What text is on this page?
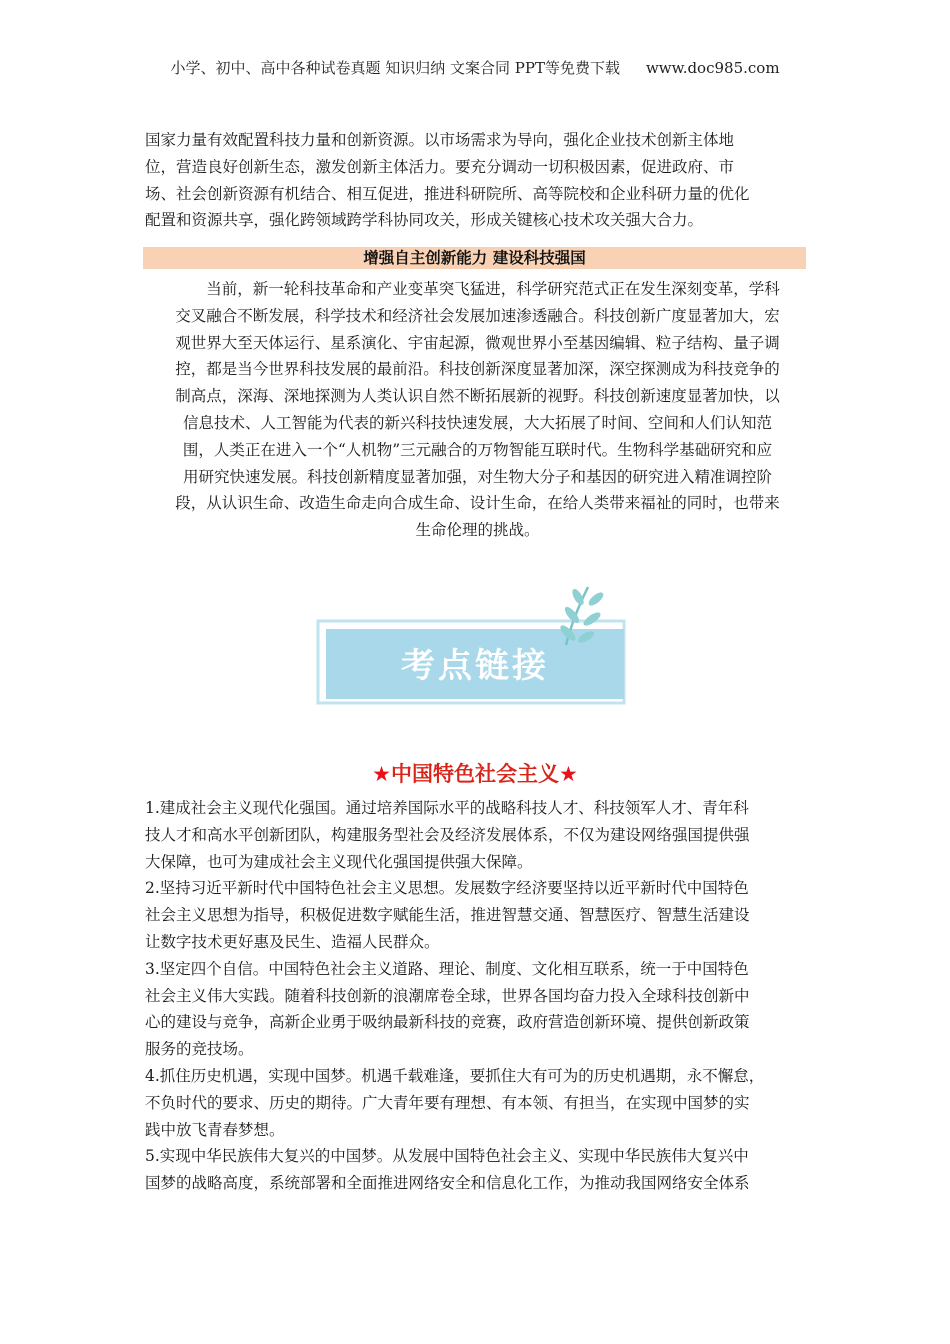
小学、初中、高中各种试卷真题 知识归纳 文案合同 PPT等免费下载 www.doc985.com

国家力量有效配置科技力量和创新资源。以市场需求为导向，强化企业技术创新主体地

位，营造良好创新生态，激发创新主体活力。要充分调动一切积极因素，促进政府、市

场、社会创新资源有机结合、相互促进，推进科研院所、高等院校和企业科研力量的优化

配置和资源共享，强化跨领域跨学科协同攻关，形成关键核心技术攻关强大合力。

增强自主创新能力 建设科技强国

当前，新一轮科技革命和产业变革突飞猛进，科学研究范式正在发生深刻变革，学科

交叉融合不断发展，科学技术和经济社会发展加速渗透融合。科技创新广度显著加大，宏

观世界大至天体运行、星系演化、宇宙起源，微观世界小至基因编辑、粒子结构、量子调

控，都是当今世界科技发展的最前沿。科技创新深度显著加深，深空探测成为科技竞争的

制高点，深海、深地探测为人类认识自然不断拓展新的视野。科技创新速度显著加快，以

信息技术、人工智能为代表的新兴科技快速发展，大大拓展了时间、空间和人们认知范

围，人类正在进入一个“人机物”三元融合的万物智能互联时代。生物科学基础研究和应

用研究快速发展。科技创新精度显著加强，对生物大分子和基因的研究进入精准调控阶

段，从认识生命、改造生命走向合成生命、设计生命，在给人类带来福祉的同时，也带来

生命伦理的挑战。

考点链接
★中国特色社会主义★

1.建成社会主义现代化强国。通过培养国际水平的战略科技人才、科技领军人才、青年科

技人才和高水平创新团队，构建服务型社会及经济发展体系，不仅为建设网络强国提供强

大保障，也可为建成社会主义现代化强国提供强大保障。

2.坚持习近平新时代中国特色社会主义思想。发展数字经济要坚持以近平新时代中国特色

社会主义思想为指导，积极促进数字赋能生活，推进智慧交通、智慧医疗、智慧生活建设

让数字技术更好惠及民生、造福人民群众。

3.坚定四个自信。中国特色社会主义道路、理论、制度、文化相互联系，统一于中国特色

社会主义伟大实践。随着科技创新的浪潮席卷全球，世界各国均奋力投入全球科技创新中

心的建设与竞争，高新企业勇于吸纳最新科技的竞赛，政府营造创新环境、提供创新政策

服务的竞技场。

4.抓住历史机遇，实现中国梦。机遇千载难逢，要抓住大有可为的历史机遇期，永不懈怠，

不负时代的要求、历史的期待。广大青年要有理想、有本领、有担当，在实现中国梦的实

践中放飞青春梦想。

5.实现中华民族伟大复兴的中国梦。从发展中国特色社会主义、实现中华民族伟大复兴中

国梦的战略高度，系统部署和全面推进网络安全和信息化工作，为推动我国网络安全体系
